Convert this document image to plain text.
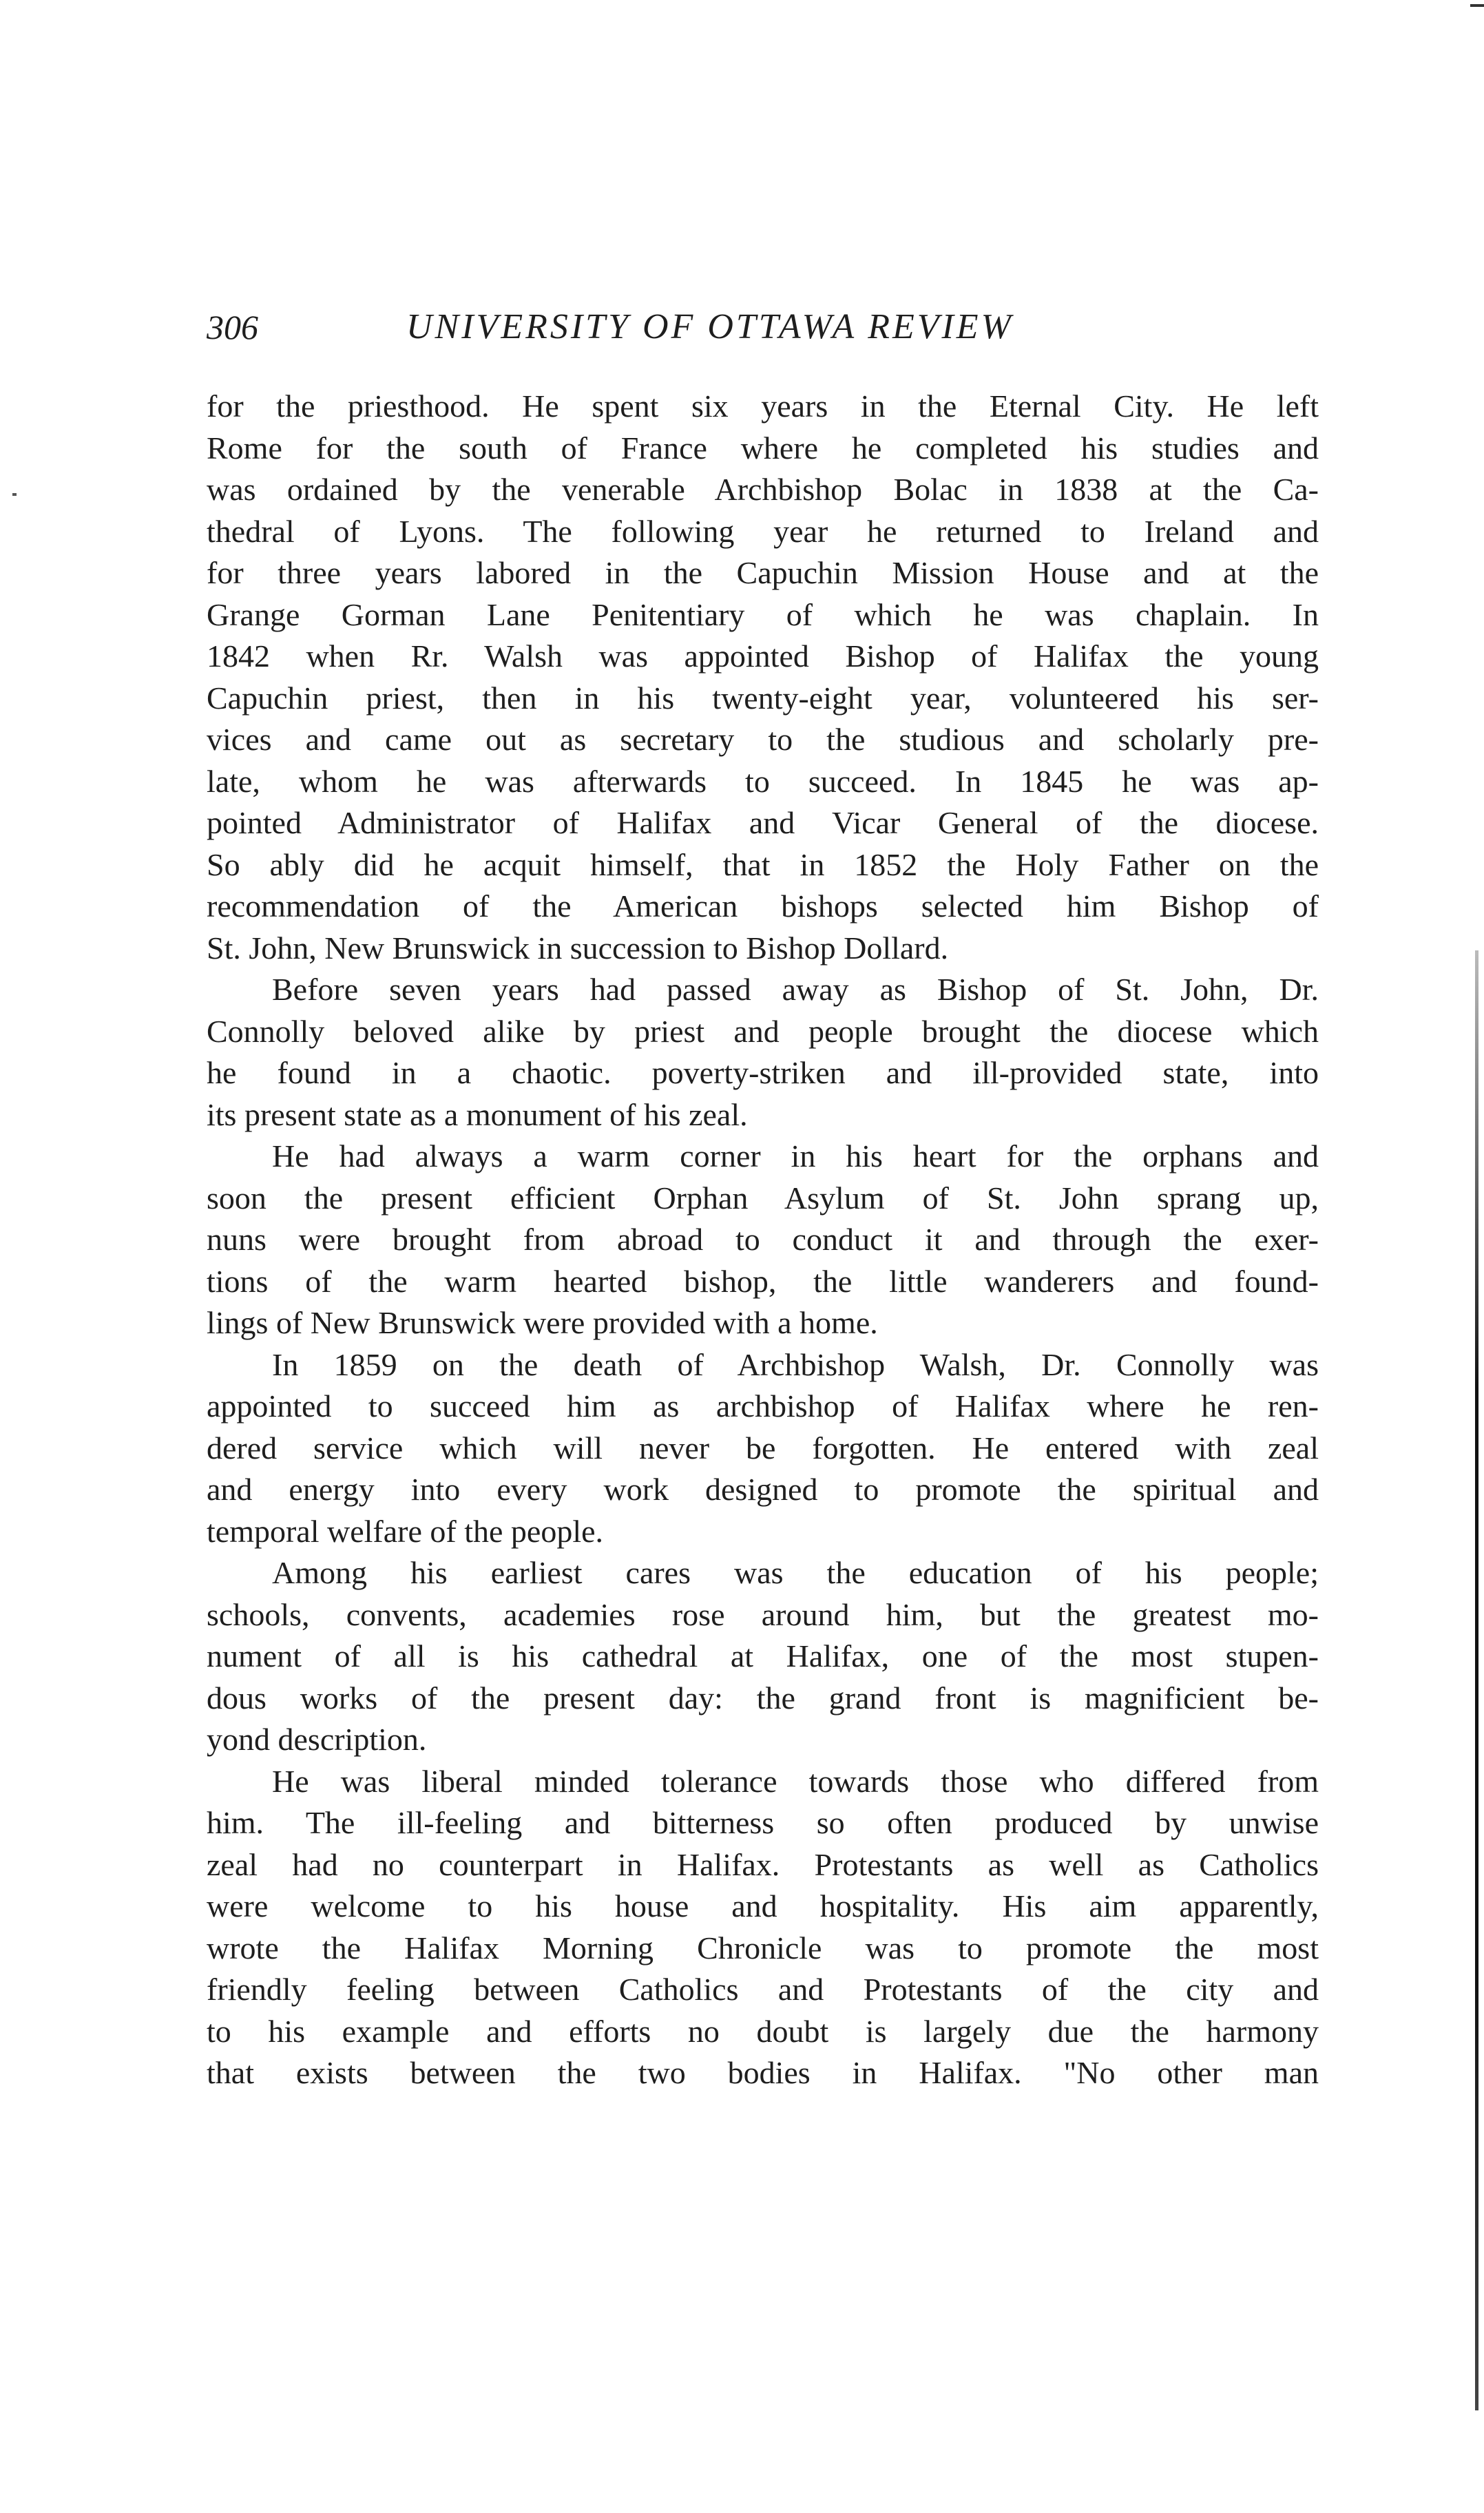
306	UNIVERSITY OF OTTAWA REVIEW
for the priesthood. He spent six years in the Eternal City. He left
Rome for the south of France where he completed his studies and
was ordained by the venerable Archbishop Bolac in 1838 at the Ca-
thedral of Lyons. The following year he returned to Ireland and
for three years labored in the Capuchin Mission House and at the
Grange Gorman Lane Penitentiary of which he was chaplain. In
1842 when Rr. Walsh was appointed Bishop of Halifax the young
Capuchin priest, then in his twenty-eight year, volunteered his ser-
vices and came out as secretary to the studious and scholarly pre-
late, whom he was afterwards to succeed. In 1845 he was ap-
pointed Administrator of Halifax and Vicar General of the diocese.
So ably did he acquit himself, that in 1852 the Holy Father on the
recommendation of the American bishops selected him Bishop of
St. John, New Brunswick in succession to Bishop Dollard.
Before seven years had passed away as Bishop of St. John, Dr.
Connolly beloved alike by priest and people brought the diocese which
he found in a chaotic. poverty-striken and ill-provided state, into
its present state as a monument of his zeal.
He had always a warm corner in his heart for the orphans and
soon the present efficient Orphan Asylum of St. John sprang up,
nuns were brought from abroad to conduct it and through the exer-
tions of the warm hearted bishop, the little wanderers and found-
lings of New Brunswick were provided with a home.
In 1859 on the death of Archbishop Walsh, Dr. Connolly was
appointed to succeed him as archbishop of Halifax where he ren-
dered service which will never be forgotten. He entered with zeal
and energy into every work designed to promote the spiritual and
temporal welfare of the people.
Among his earliest cares was the education of his people;
schools, convents, academies rose around him, but the greatest mo-
nument of all is his cathedral at Halifax, one of the most stupen-
dous works of the present day: the grand front is magnificient be-
yond description.
He was liberal minded tolerance towards those who differed from
him. The ill-feeling and bitterness so often produced by unwise
zeal had no counterpart in Halifax. Protestants as well as Catholics
were welcome to his house and hospitality. His aim apparently,
wrote the Halifax Morning Chronicle was to promote the most
friendly feeling between Catholics and Protestants of the city and
to his example and efforts no doubt is largely due the harmony
that exists between the two bodies in Halifax. "No other man
